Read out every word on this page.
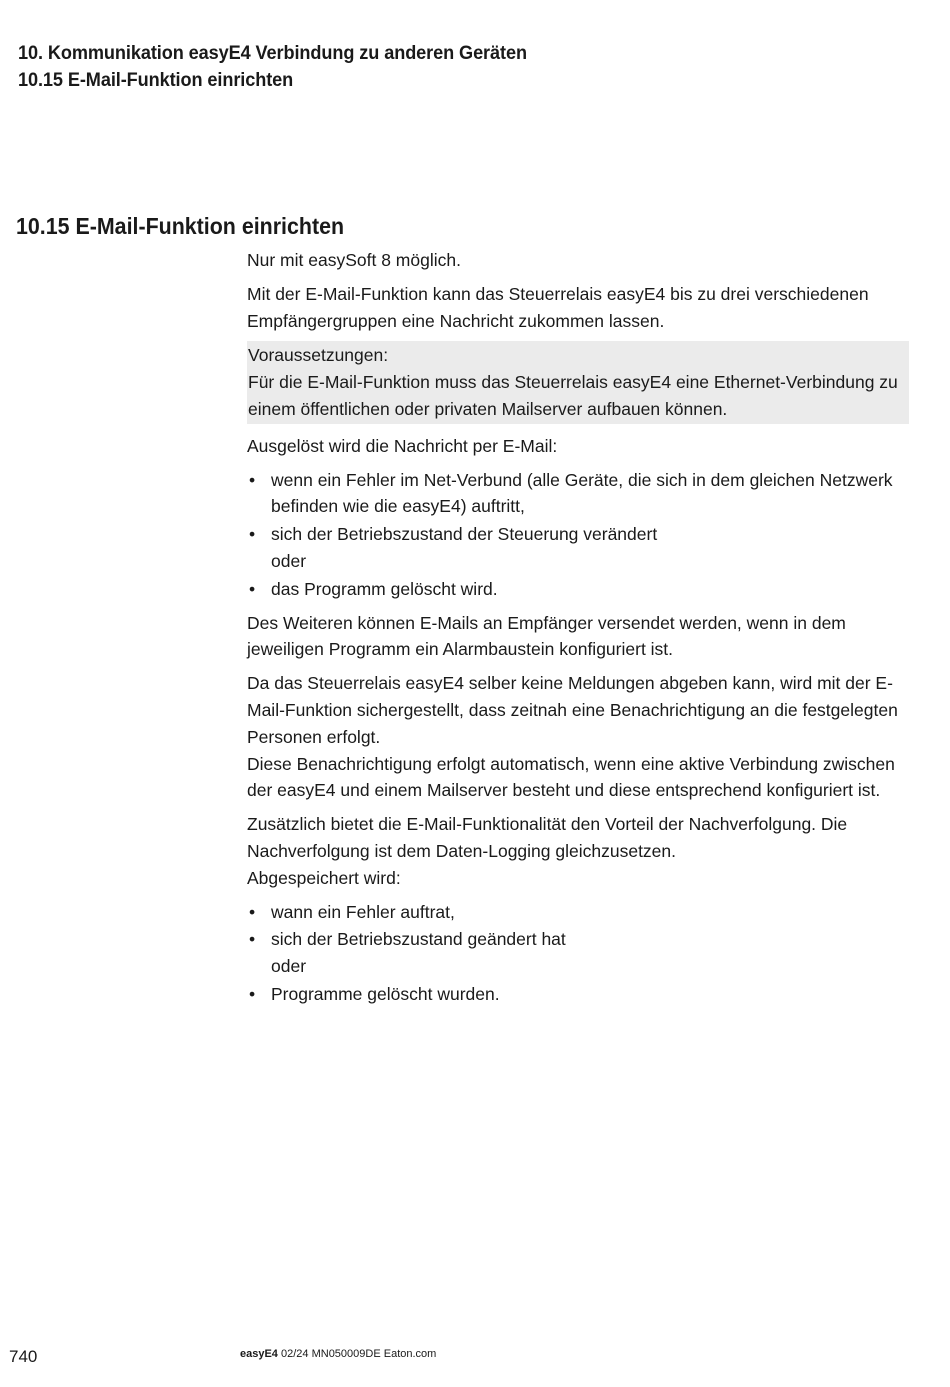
10. Kommunikation easyE4 Verbindung zu anderen Geräten
10.15 E-Mail-Funktion einrichten
10.15 E-Mail-Funktion einrichten

Nur mit easySoft 8 möglich.

Mit der E-Mail-Funktion kann das Steuerrelais easyE4 bis zu drei verschiedenen Empfängergruppen eine Nachricht zukommen lassen.

Voraussetzungen:

Für die E-Mail-Funktion muss das Steuerrelais easyE4 eine Ethernet-Verbindung zu einem öffentlichen oder privaten Mailserver aufbauen können.

Ausgelöst wird die Nachricht per E-Mail:

• wenn ein Fehler im Net-Verbund (alle Geräte, die sich in dem gleichen Netzwerk befinden wie die easyE4) auftritt,
• sich der Betriebszustand der Steuerung verändert
oder
• das Programm gelöscht wird.

Des Weiteren können E-Mails an Empfänger versendet werden, wenn in dem jeweiligen Programm ein Alarmbaustein konfiguriert ist.

Da das Steuerrelais easyE4 selber keine Meldungen abgeben kann, wird mit der E-Mail-Funktion sichergestellt, dass zeitnah eine Benachrichtigung an die festgelegten Personen erfolgt.
Diese Benachrichtigung erfolgt automatisch, wenn eine aktive Verbindung zwischen der easyE4 und einem Mailserver besteht und diese entsprechend konfiguriert ist.

Zusätzlich bietet die E-Mail-Funktionalität den Vorteil der Nachverfolgung. Die Nachverfolgung ist dem Daten-Logging gleichzusetzen.
Abgespeichert wird:

• wann ein Fehler auftrat,
• sich der Betriebszustand geändert hat
oder
• Programme gelöscht wurden.
740	easyE4 02/24 MN050009DE Eaton.com
